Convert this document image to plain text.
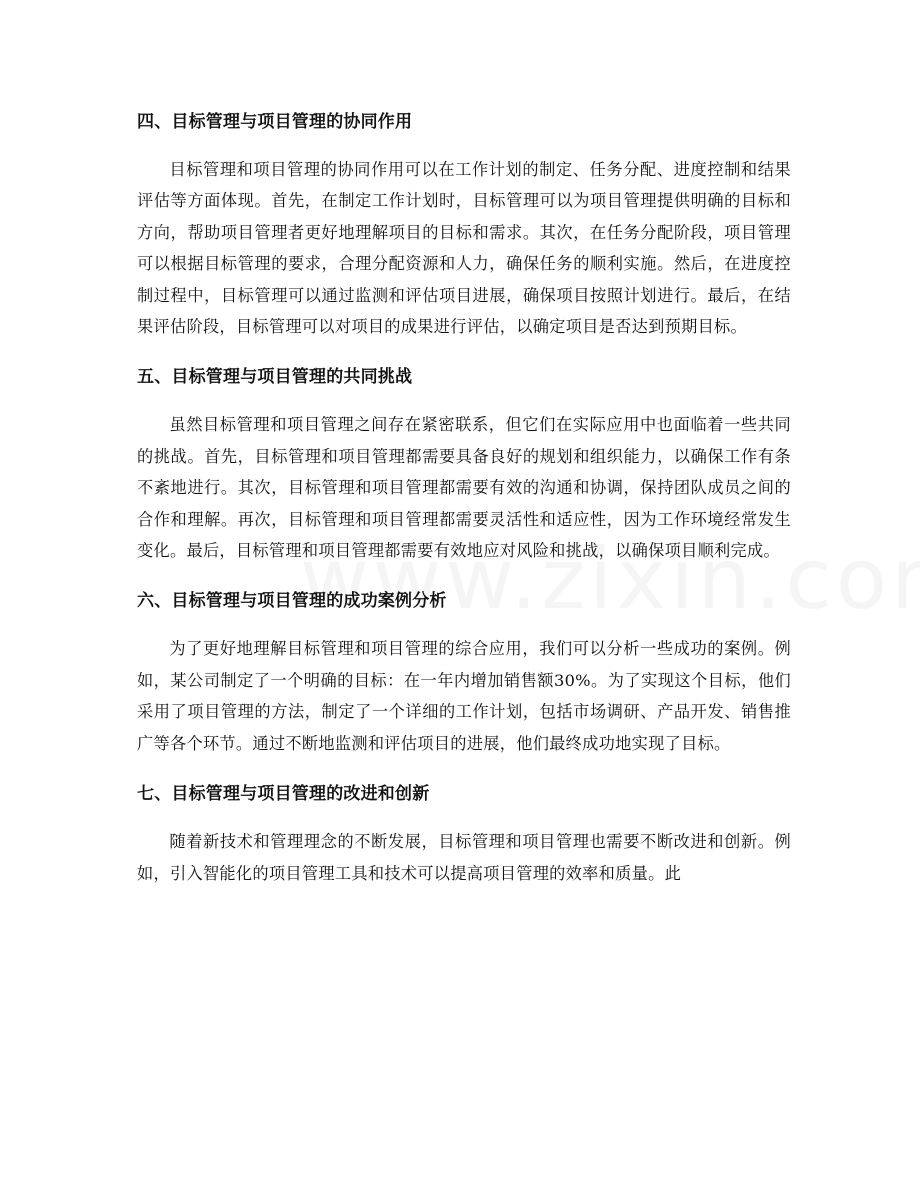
四、目标管理与项目管理的协同作用

目标管理和项目管理的协同作用可以在工作计划的制定、任务分配、进度控制和结果评估等方面体现。首先，在制定工作计划时，目标管理可以为项目管理提供明确的目标和方向，帮助项目管理者更好地理解项目的目标和需求。其次，在任务分配阶段，项目管理可以根据目标管理的要求，合理分配资源和人力，确保任务的顺利实施。然后，在进度控制过程中，目标管理可以通过监测和评估项目进展，确保项目按照计划进行。最后，在结果评估阶段，目标管理可以对项目的成果进行评估，以确定项目是否达到预期目标。

五、目标管理与项目管理的共同挑战

虽然目标管理和项目管理之间存在紧密联系，但它们在实际应用中也面临着一些共同的挑战。首先，目标管理和项目管理都需要具备良好的规划和组织能力，以确保工作有条不紊地进行。其次，目标管理和项目管理都需要有效的沟通和协调，保持团队成员之间的合作和理解。再次，目标管理和项目管理都需要灵活性和适应性，因为工作环境经常发生变化。最后，目标管理和项目管理都需要有效地应对风险和挑战，以确保项目顺利完成。

六、目标管理与项目管理的成功案例分析

为了更好地理解目标管理和项目管理的综合应用，我们可以分析一些成功的案例。例如，某公司制定了一个明确的目标：在一年内增加销售额30%。为了实现这个目标，他们采用了项目管理的方法，制定了一个详细的工作计划，包括市场调研、产品开发、销售推广等各个环节。通过不断地监测和评估项目的进展，他们最终成功地实现了目标。

七、目标管理与项目管理的改进和创新

随着新技术和管理理念的不断发展，目标管理和项目管理也需要不断改进和创新。例如，引入智能化的项目管理工具和技术可以提高项目管理的效率和质量。此
